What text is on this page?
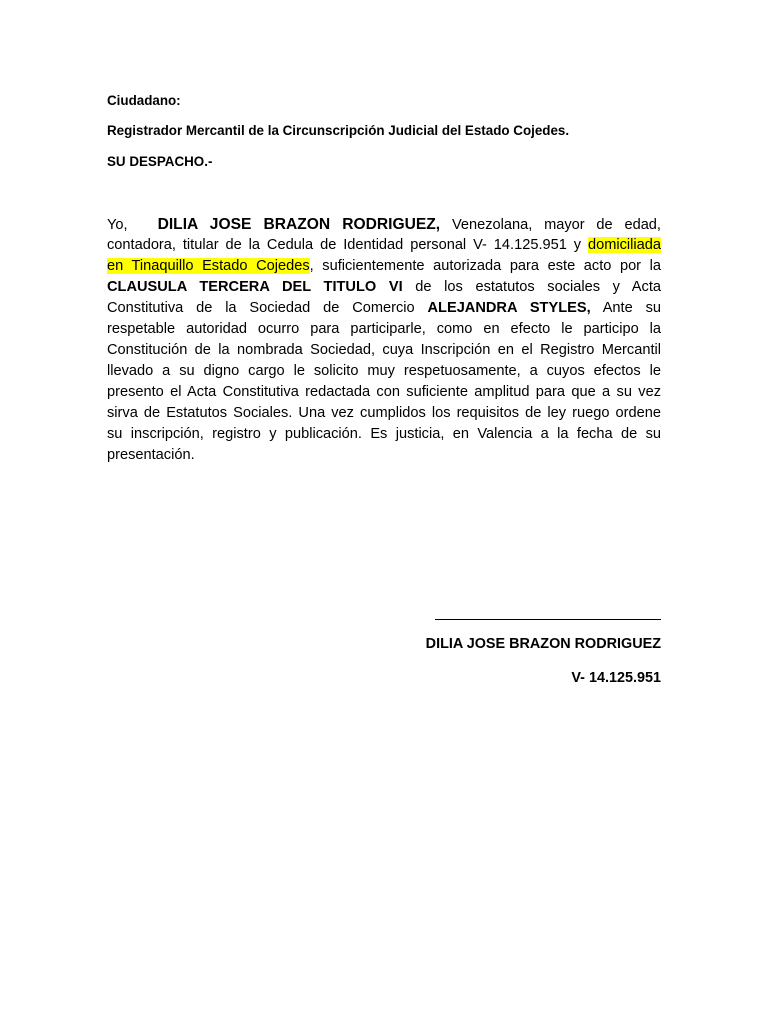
Ciudadano:
Registrador Mercantil de la Circunscripción Judicial del Estado Cojedes.
SU DESPACHO.-
Yo, DILIA JOSE BRAZON RODRIGUEZ, Venezolana, mayor de edad,
contadora, titular de la Cedula de Identidad personal V- 14.125.951 y domiciliada
en Tinaquillo Estado Cojedes, suficientemente autorizada para este acto por la
CLAUSULA TERCERA DEL TITULO VI de los estatutos sociales y Acta
Constitutiva de la Sociedad de Comercio ALEJANDRA STYLES, Ante su
respetable autoridad ocurro para participarle, como en efecto le participo la
Constitución de la nombrada Sociedad, cuya Inscripción en el Registro Mercantil
llevado a su digno cargo le solicito muy respetuosamente, a cuyos efectos le
presento el Acta Constitutiva redactada con suficiente amplitud para que a su vez
sirva de Estatutos Sociales. Una vez cumplidos los requisitos de ley ruego ordene
su inscripción, registro y publicación. Es justicia, en Valencia a la fecha de su
presentación.
DILIA JOSE BRAZON RODRIGUEZ
V- 14.125.951
